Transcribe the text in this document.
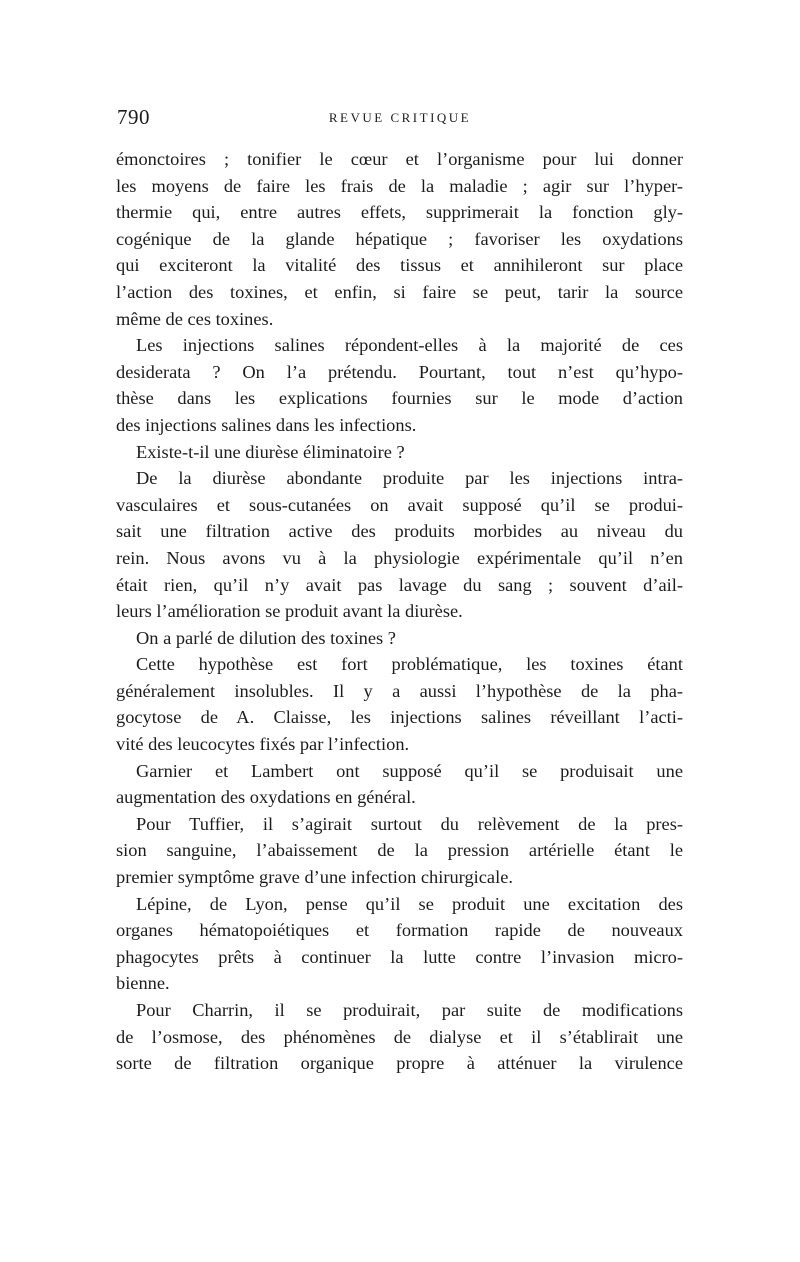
790	REVUE CRITIQUE
émonctoires ; tonifier le cœur et l’organisme pour lui donner
les moyens de faire les frais de la maladie ; agir sur l’hyper-
thermie qui, entre autres effets, supprimerait la fonction gly-
cogénique de la glande hépatique ; favoriser les oxydations
qui exciteront la vitalité des tissus et annihileront sur place
l’action des toxines, et enfin, si faire se peut, tarir la source
même de ces toxines.
Les injections salines répondent-elles à la majorité de ces
desiderata ? On l’a prétendu. Pourtant, tout n’est qu’hypo-
thèse dans les explications fournies sur le mode d’action
des injections salines dans les infections.
Existe-t-il une diurèse éliminatoire ?
De la diurèse abondante produite par les injections intra-
vasculaires et sous-cutanées on avait supposé qu’il se produi-
sait une filtration active des produits morbides au niveau du
rein. Nous avons vu à la physiologie expérimentale qu’il n’en
était rien, qu’il n’y avait pas lavage du sang ; souvent d’ail-
leurs l’amélioration se produit avant la diurèse.
On a parlé de dilution des toxines ?
Cette hypothèse est fort problématique, les toxines étant
généralement insolubles. Il y a aussi l’hypothèse de la pha-
gocytose de A. Claisse, les injections salines réveillant l’acti-
vité des leucocytes fixés par l’infection.
Garnier et Lambert ont supposé qu’il se produisait une
augmentation des oxydations en général.
Pour Tuffier, il s’agirait surtout du relèvement de la pres-
sion sanguine, l’abaissement de la pression artérielle étant le
premier symptôme grave d’une infection chirurgicale.
Lépine, de Lyon, pense qu’il se produit une excitation des
organes hématopoiétiques et formation rapide de nouveaux
phagocytes prêts à continuer la lutte contre l’invasion micro-
bienne.
Pour Charrin, il se produirait, par suite de modifications
de l’osmose, des phénomènes de dialyse et il s’établirait une
sorte de filtration organique propre à atténuer la virulence
